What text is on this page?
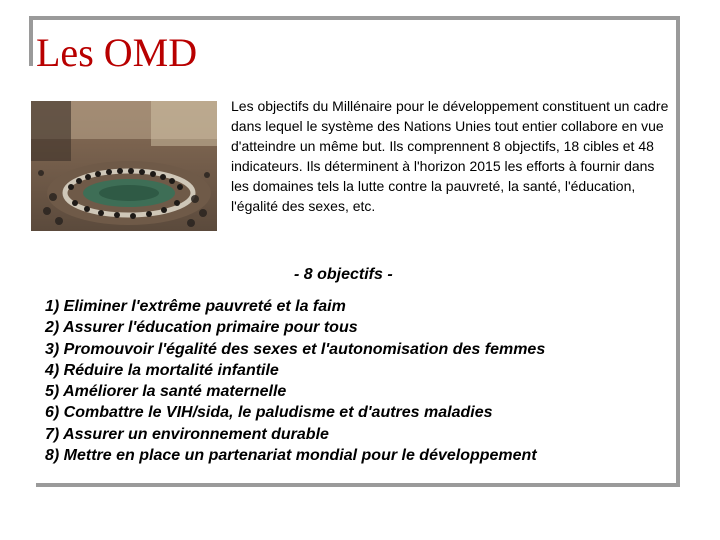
Les OMD

Les objectifs du Millénaire pour le développement constituent un cadre dans lequel le système des Nations Unies tout entier collabore en vue d'atteindre un même but. Ils comprennent 8 objectifs, 18 cibles et 48 indicateurs. Ils déterminent à l'horizon 2015 les efforts à fournir dans les domaines tels la lutte contre la pauvreté, la santé, l'éducation, l'égalité des sexes, etc.

- 8 objectifs -

1) Eliminer l'extrême pauvreté et la faim
2) Assurer l'éducation primaire pour tous
3) Promouvoir l'égalité des sexes et l'autonomisation des femmes
4) Réduire la mortalité infantile
5) Améliorer la santé maternelle
6) Combattre le VIH/sida, le paludisme et d'autres maladies
7) Assurer un environnement durable
8) Mettre en place un partenariat mondial pour le développement
